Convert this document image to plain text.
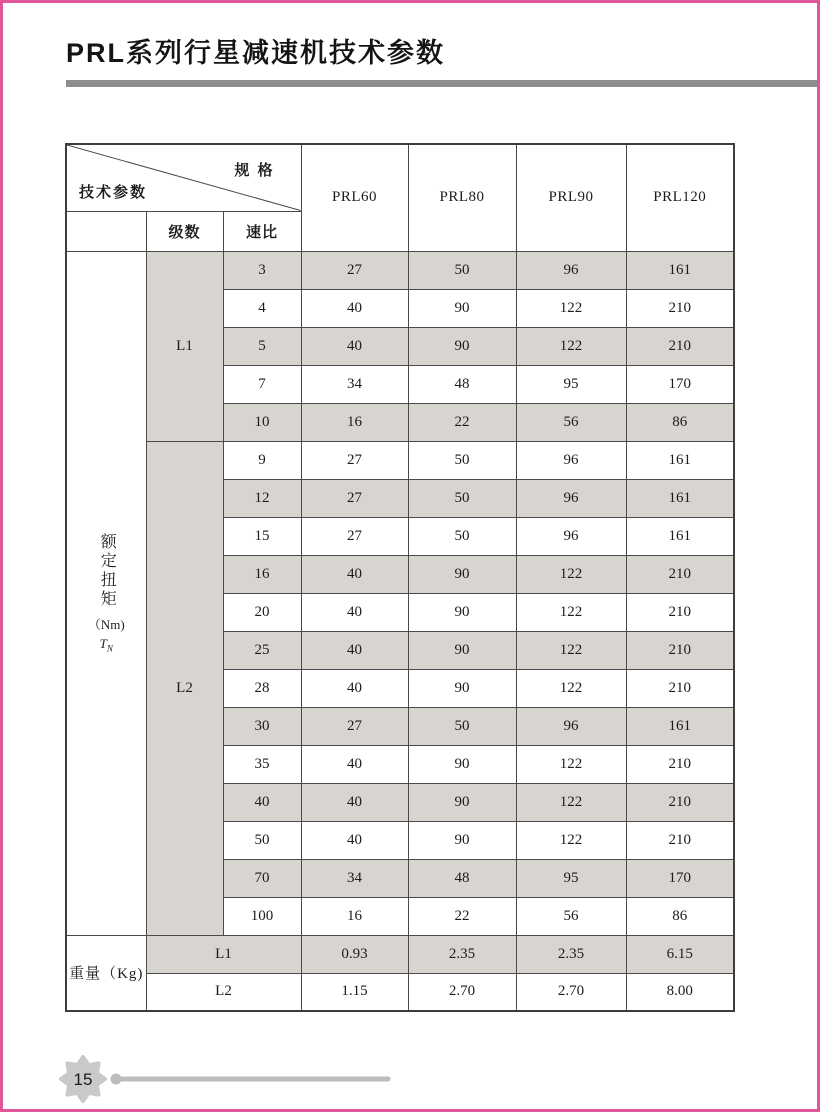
PRL系列行星减速机技术参数
规 格
技术参数			PRL60	PRL80	PRL90	PRL120
	级数	速比				

额定扭矩
（Nm)
$T_N$	L1	3	27	50	96	161
		4	40	90	122	210
		5	40	90	122	210
		7	34	48	95	170
		10	16	22	56	86
	L2	9	27	50	96	161
		12	27	50	96	161
		15	27	50	96	161
		16	40	90	122	210
		20	40	90	122	210
		25	40	90	122	210
		28	40	90	122	210
		30	27	50	96	161
		35	40	90	122	210
		40	40	90	122	210
		50	40	90	122	210
		70	34	48	95	170
		100	16	22	56	86
重量（Kg)	L1		0.93	2.35	2.35	6.15
	L2		1.15	2.70	2.70	8.00
15
